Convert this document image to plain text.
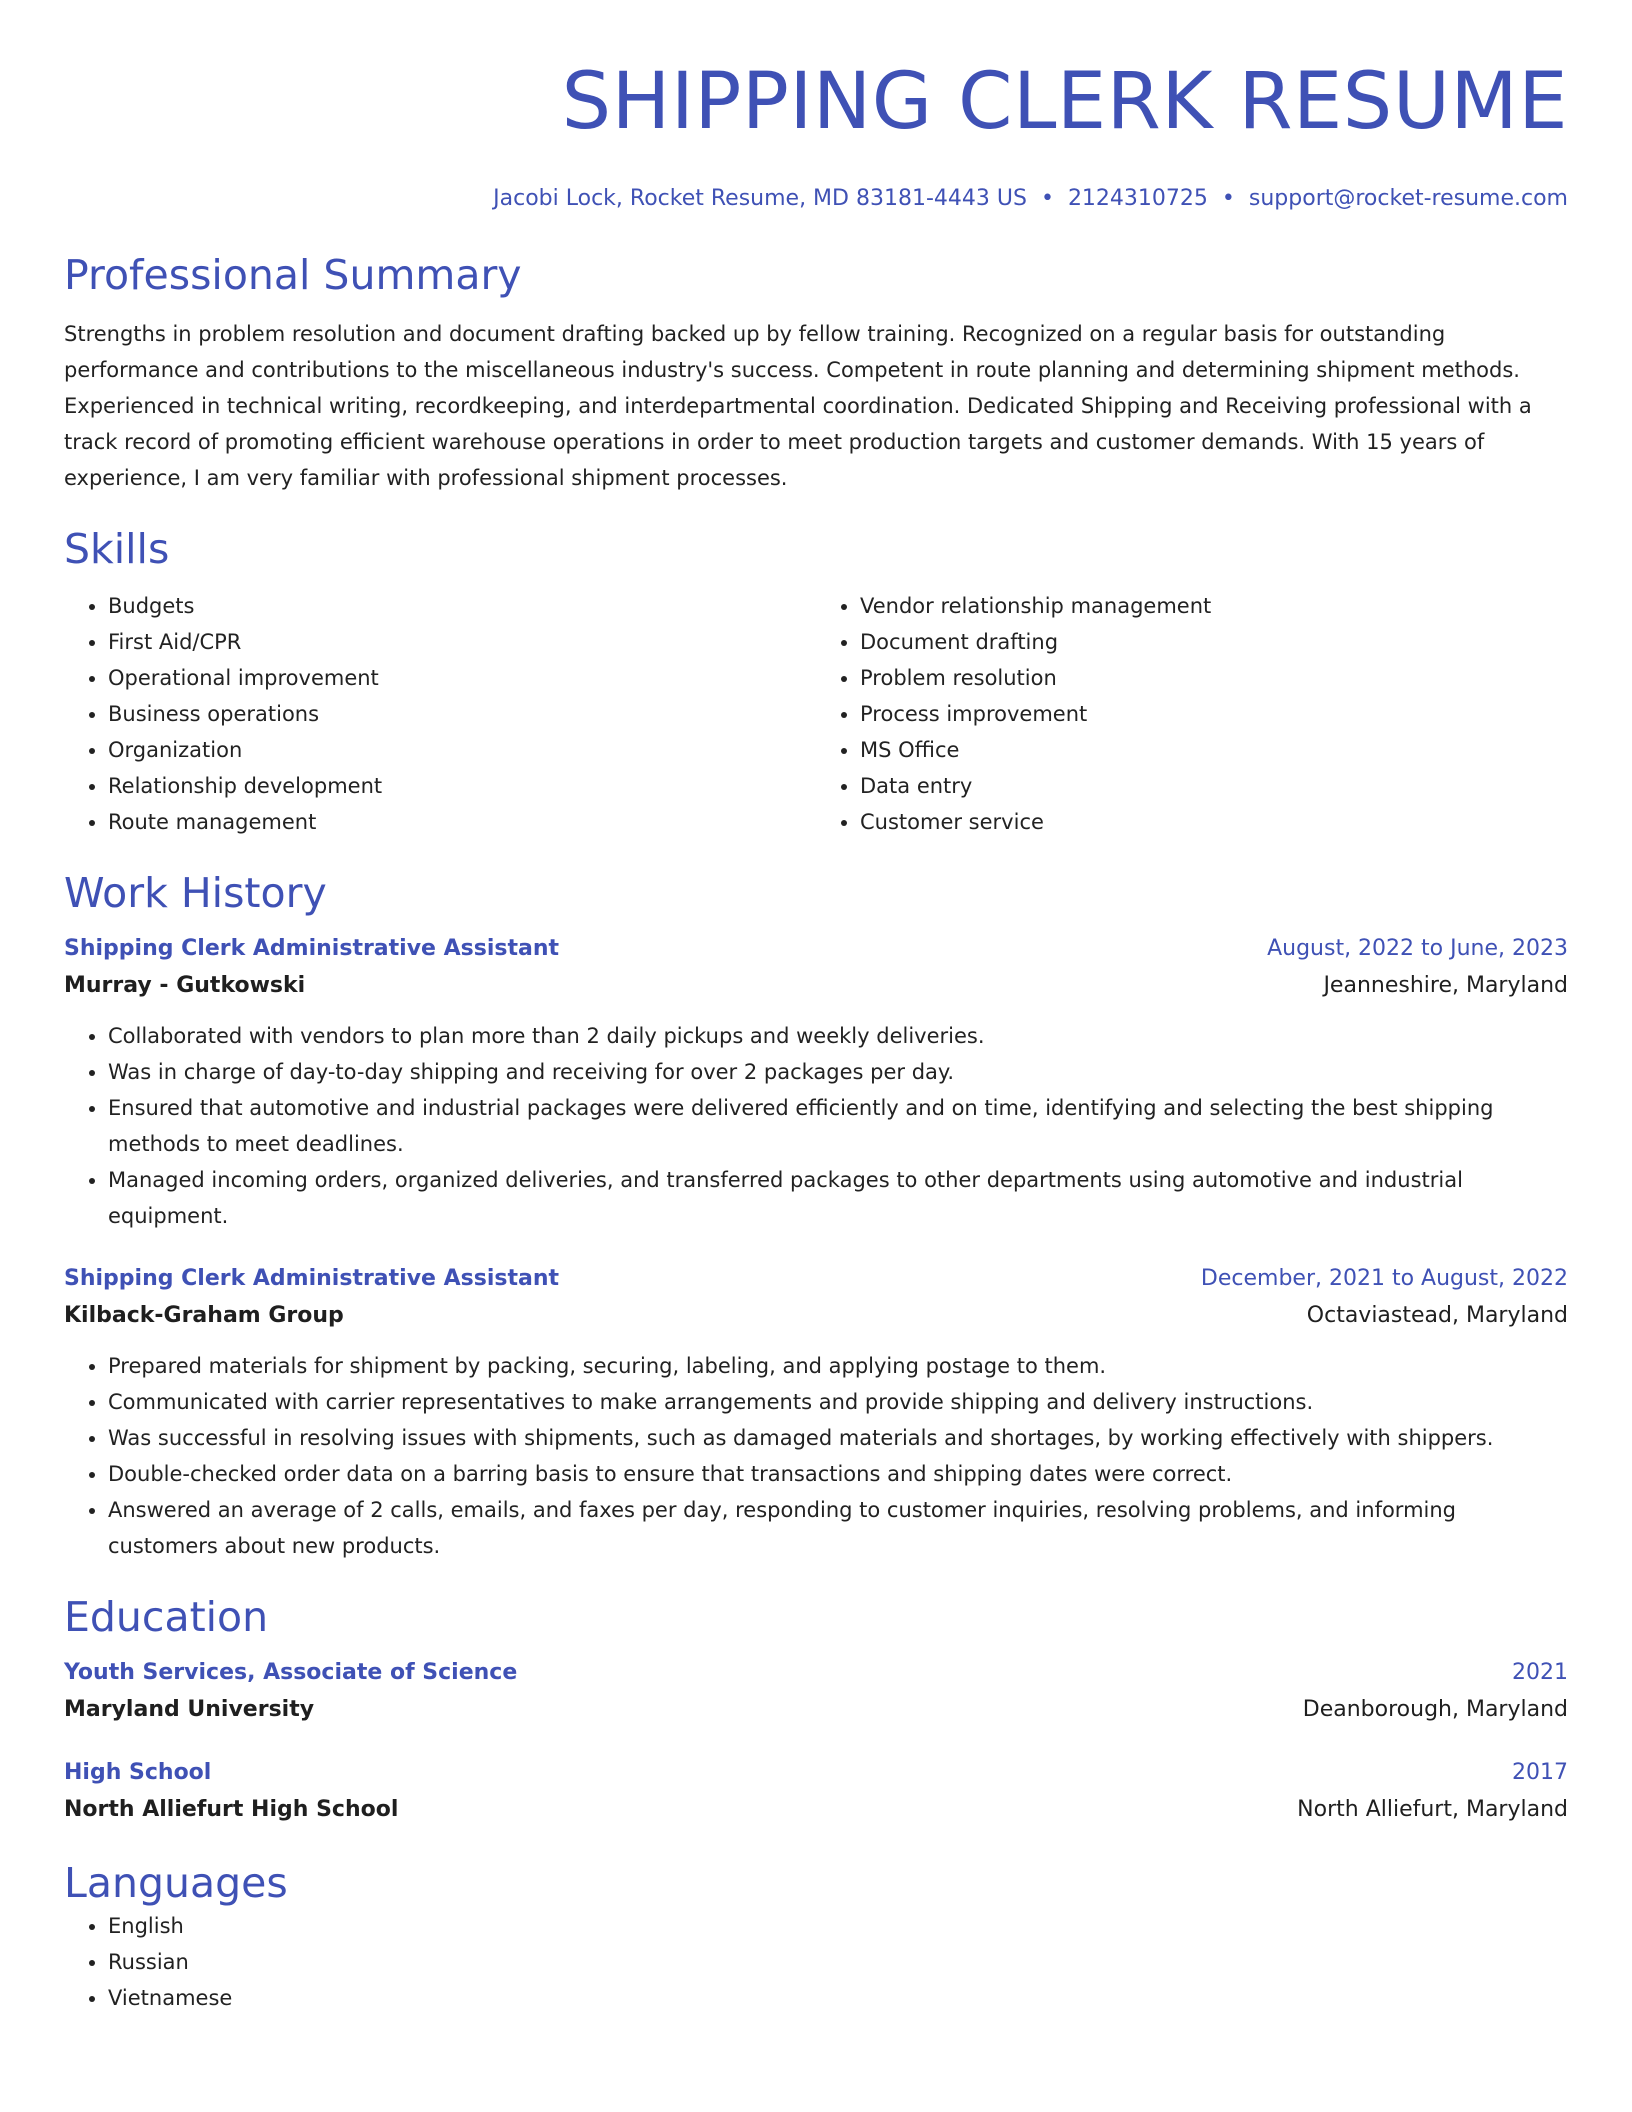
SHIPPING CLERK RESUME
Jacobi Lock, Rocket Resume, MD 83181-4443 US • 2124310725 • support@rocket-resume.com
Professional Summary

Strengths in problem resolution and document drafting backed up by fellow training. Recognized on a regular basis for outstanding performance and contributions to the miscellaneous industry's success. Competent in route planning and determining shipment methods. Experienced in technical writing, recordkeeping, and interdepartmental coordination. Dedicated Shipping and Receiving professional with a track record of promoting efficient warehouse operations in order to meet production targets and customer demands. With 15 years of experience, I am very familiar with professional shipment processes.

Skills
• Budgets
• First Aid/CPR
• Operational improvement
• Business operations
• Organization
• Relationship development
• Route management
• Vendor relationship management
• Document drafting
• Problem resolution
• Process improvement
• MS Office
• Data entry
• Customer service
Work History
Shipping Clerk Administrative Assistant	August, 2022 to June, 2023
Murray - Gutkowski	Jeanneshire, Maryland
• Collaborated with vendors to plan more than 2 daily pickups and weekly deliveries.
• Was in charge of day-to-day shipping and receiving for over 2 packages per day.
• Ensured that automotive and industrial packages were delivered efficiently and on time, identifying and selecting the best shipping methods to meet deadlines.
• Managed incoming orders, organized deliveries, and transferred packages to other departments using automotive and industrial equipment.
Shipping Clerk Administrative Assistant	December, 2021 to August, 2022
Kilback-Graham Group	Octaviastead, Maryland
• Prepared materials for shipment by packing, securing, labeling, and applying postage to them.
• Communicated with carrier representatives to make arrangements and provide shipping and delivery instructions.
• Was successful in resolving issues with shipments, such as damaged materials and shortages, by working effectively with shippers.
• Double-checked order data on a barring basis to ensure that transactions and shipping dates were correct.
• Answered an average of 2 calls, emails, and faxes per day, responding to customer inquiries, resolving problems, and informing customers about new products.
Education
Youth Services, Associate of Science	2021
Maryland University	Deanborough, Maryland
High School	2017
North Alliefurt High School	North Alliefurt, Maryland
Languages
• English
• Russian
• Vietnamese
